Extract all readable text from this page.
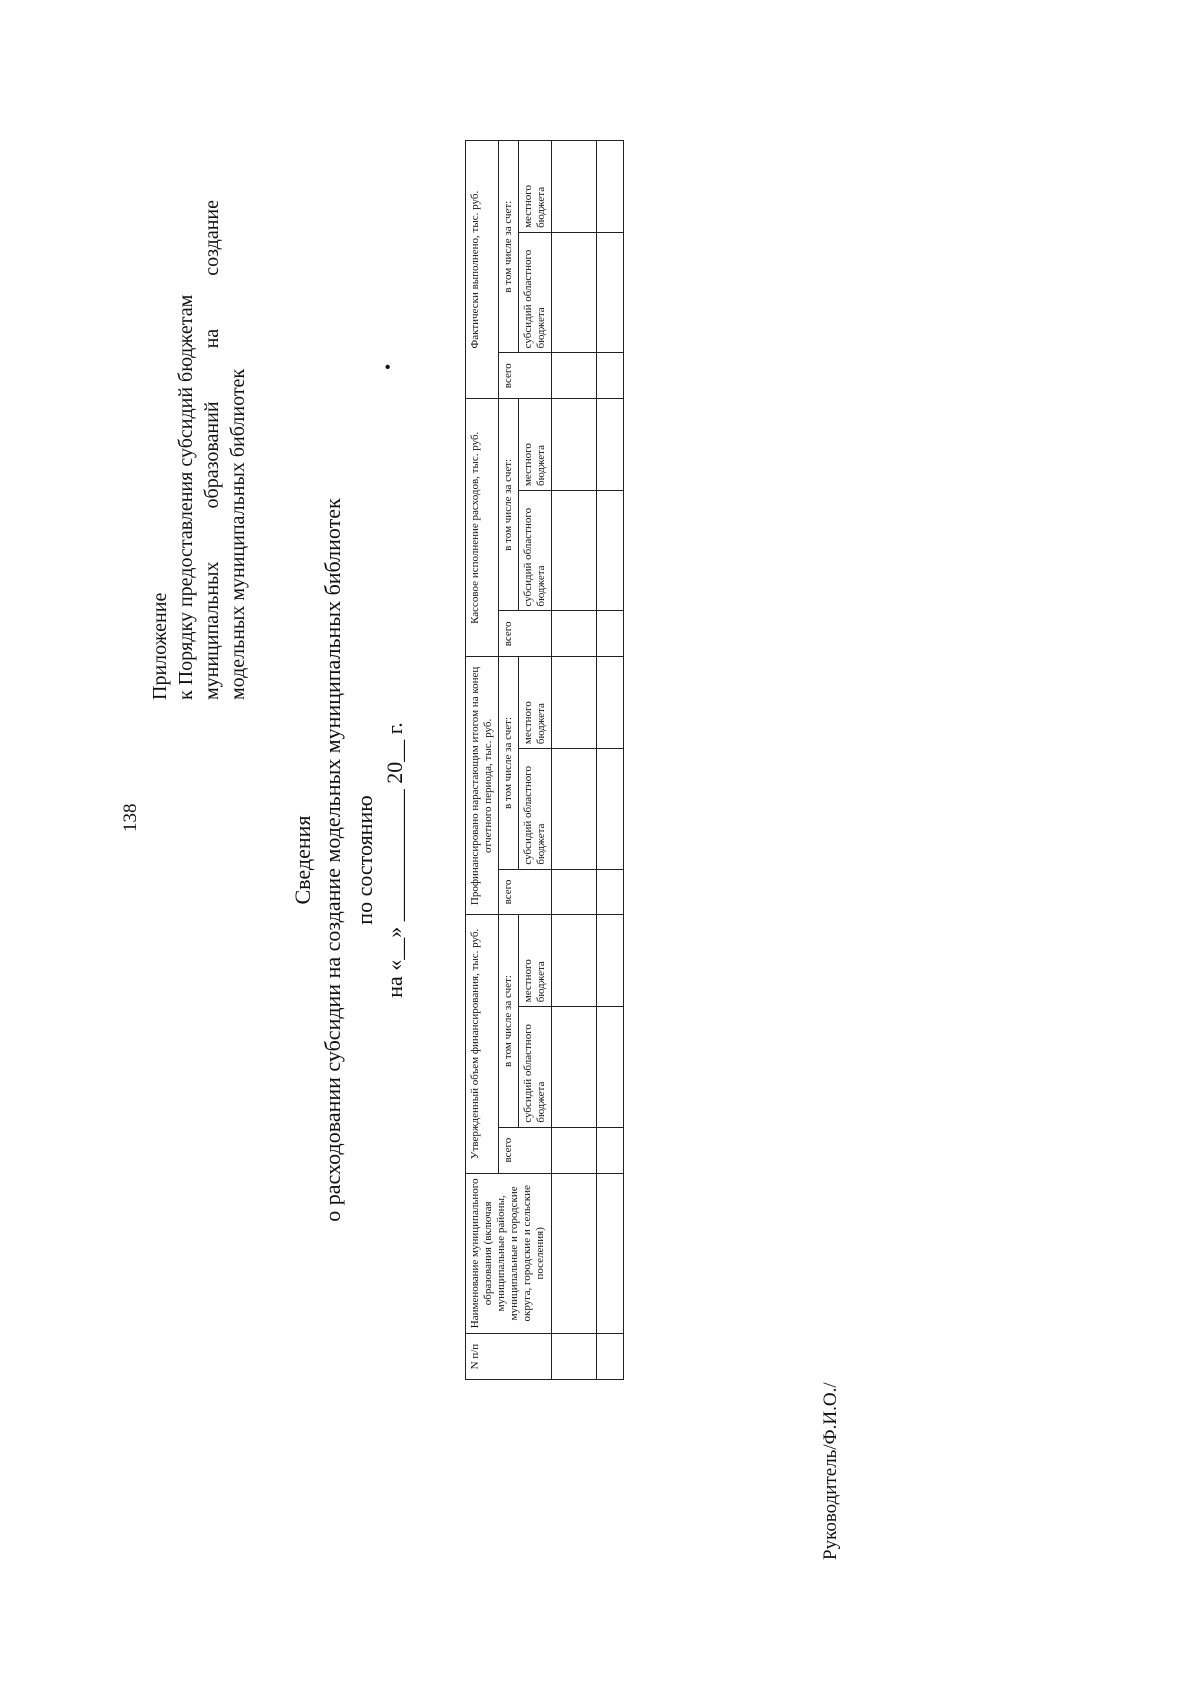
138
Приложение к Порядку предоставления субсидий бюджетам муниципальных образований на создание модельных муниципальных библиотек
Сведения о расходовании субсидии на создание модельных муниципальных библиотек по состоянию на «__» ____________ 20__ г.
•
N п/п	Наименование муниципального образования (включая муниципальные районы, муниципальные и городские округа, городские и сельские поселения)	Утвержденный объем финансирования, тыс. руб.			Профинансировано нарастающим итогом на конец отчетного периода, тыс. руб.			Кассовое исполнение расходов, тыс. руб.			Фактически выполнено, тыс. руб.		
		всего	в том числе за счет:		всего	в том числе за счет:		всего	в том числе за счет:		всего	в том числе за счет:	
			субсидий областного бюджета	местного бюджета		субсидий областного бюджета	местного бюджета		субсидий областного бюджета	местного бюджета		субсидий областного бюджета	местного бюджета

Руководитель/Ф.И.О./
